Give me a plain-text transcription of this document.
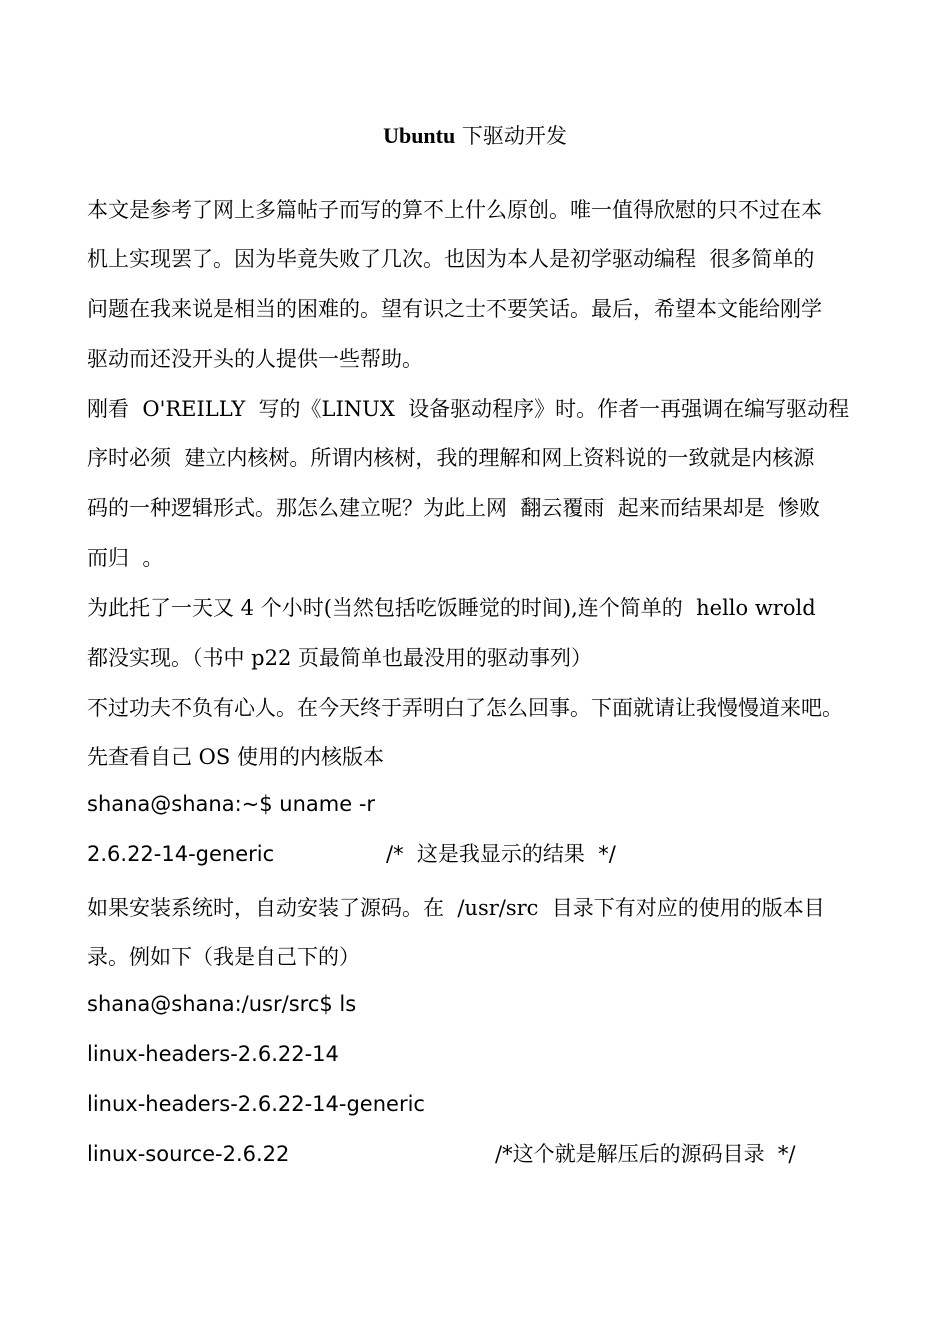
Ubuntu 下驱动开发
本文是参考了网上多篇帖子而写的算不上什么原创。唯一值得欣慰的只不过在本
机上实现罢了。因为毕竟失败了几次。也因为本人是初学驱动编程  很多简单的
问题在我来说是相当的困难的。望有识之士不要笑话。最后，希望本文能给刚学
驱动而还没开头的人提供一些帮助。
刚看  O'REILLY  写的《LINUX  设备驱动程序》时。作者一再强调在编写驱动程
序时必须  建立内核树。所谓内核树，我的理解和网上资料说的一致就是内核源
码的一种逻辑形式。那怎么建立呢？为此上网  翻云覆雨  起来而结果却是  惨败
而归  。
为此托了一天又 4 个小时(当然包括吃饭睡觉的时间),连个简单的  hello wrold
都没实现。（书中 p22 页最简单也最没用的驱动事列）
不过功夫不负有心人。在今天终于弄明白了怎么回事。下面就请让我慢慢道来吧。
先查看自己 OS 使用的内核版本
shana@shana:~$ uname -r
2.6.22-14-generic	/*  这是我显示的结果  */
如果安装系统时，自动安装了源码。在  /usr/src  目录下有对应的使用的版本目
录。例如下（我是自己下的）
shana@shana:/usr/src$ ls
linux-headers-2.6.22-14
linux-headers-2.6.22-14-generic
linux-source-2.6.22	/*这个就是解压后的源码目录  */
